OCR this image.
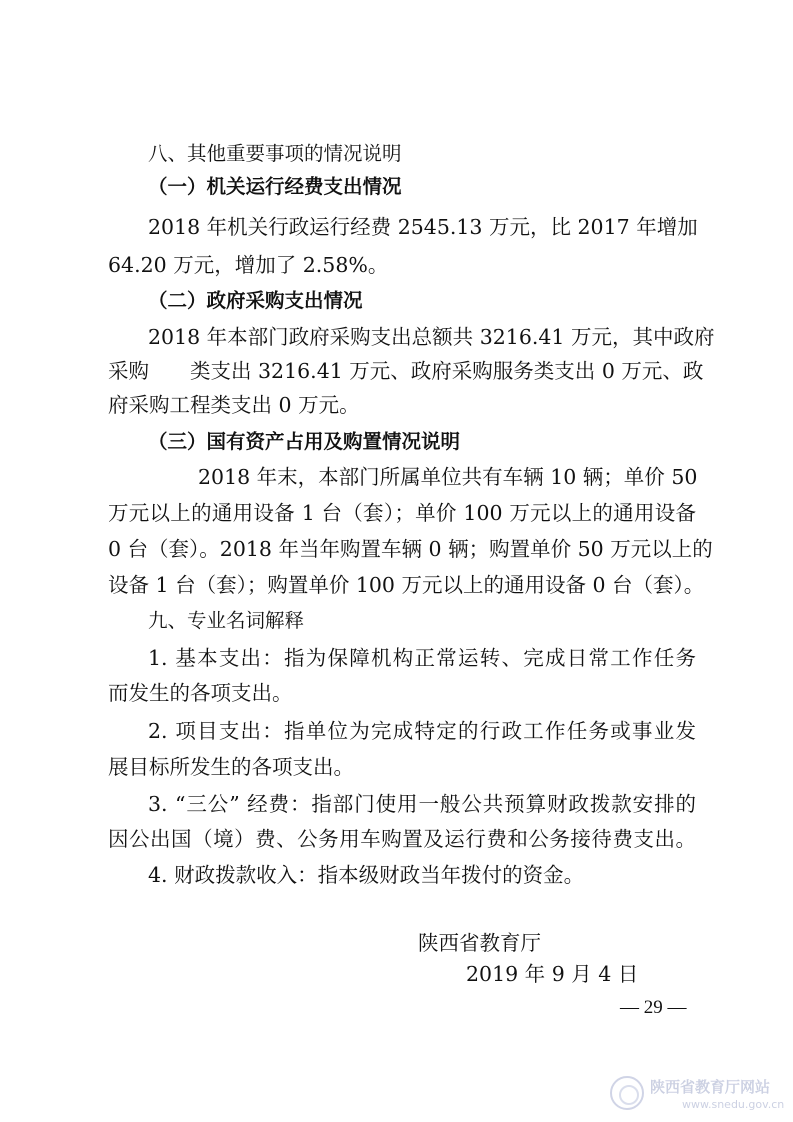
八、其他重要事项的情况说明
（一）机关运行经费支出情况
2018 年机关行政运行经费 2545.13 万元，比 2017 年增加
64.20 万元，增加了 2.58%。
（二）政府采购支出情况
2018 年本部门政府采购支出总额共 3216.41 万元，其中政府
采购	类支出 3216.41 万元、政府采购服务类支出 0 万元、政
府采购工程类支出 0 万元。
（三）国有资产占用及购置情况说明
2018 年末，本部门所属单位共有车辆 10 辆；单价 50
万元以上的通用设备 1 台（套）；单价 100 万元以上的通用设备
0 台（套）。2018 年当年购置车辆 0 辆；购置单价 50 万元以上的
设备 1 台（套）；购置单价 100 万元以上的通用设备 0 台（套）。
九、专业名词解释
1. 基本支出：指为保障机构正常运转、完成日常工作任务
而发生的各项支出。
2. 项目支出：指单位为完成特定的行政工作任务或事业发
展目标所发生的各项支出。
3. “三公” 经费：指部门使用一般公共预算财政拨款安排的
因公出国（境）费、公务用车购置及运行费和公务接待费支出。
4. 财政拨款收入：指本级财政当年拨付的资金。
陕西省教育厅
2019 年 9 月 4 日
— 29 —
陕西省教育厅网站
www.snedu.gov.cn
